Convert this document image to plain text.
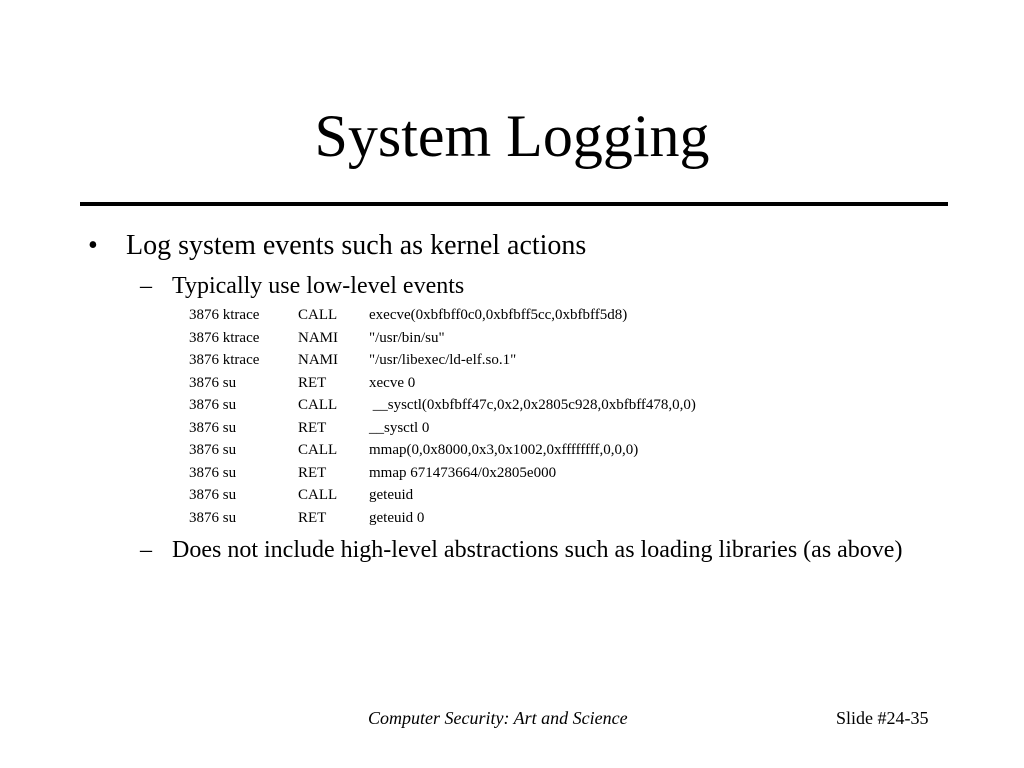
System Logging
• Log system events such as kernel actions
– Typically use low-level events
3876 ktrace	CALL execve(0xbfbff0c0,0xbfbff5cc,0xbfbff5d8)
3876 ktrace	NAMI "/usr/bin/su"
3876 ktrace	NAMI "/usr/libexec/ld-elf.so.1"
3876 su	RET	xecve 0
3876 su	CALL __sysctl(0xbfbff47c,0x2,0x2805c928,0xbfbff478,0,0)
3876 su	RET	__sysctl 0
3876 su	CALL mmap(0,0x8000,0x3,0x1002,0xffffffff,0,0,0)
3876 su	RET	mmap 671473664/0x2805e000
3876 su	CALL geteuid
3876 su	RET	geteuid 0
– Does not include high-level abstractions such as loading libraries (as above)
Computer Security: Art and Science	Slide #24-35
